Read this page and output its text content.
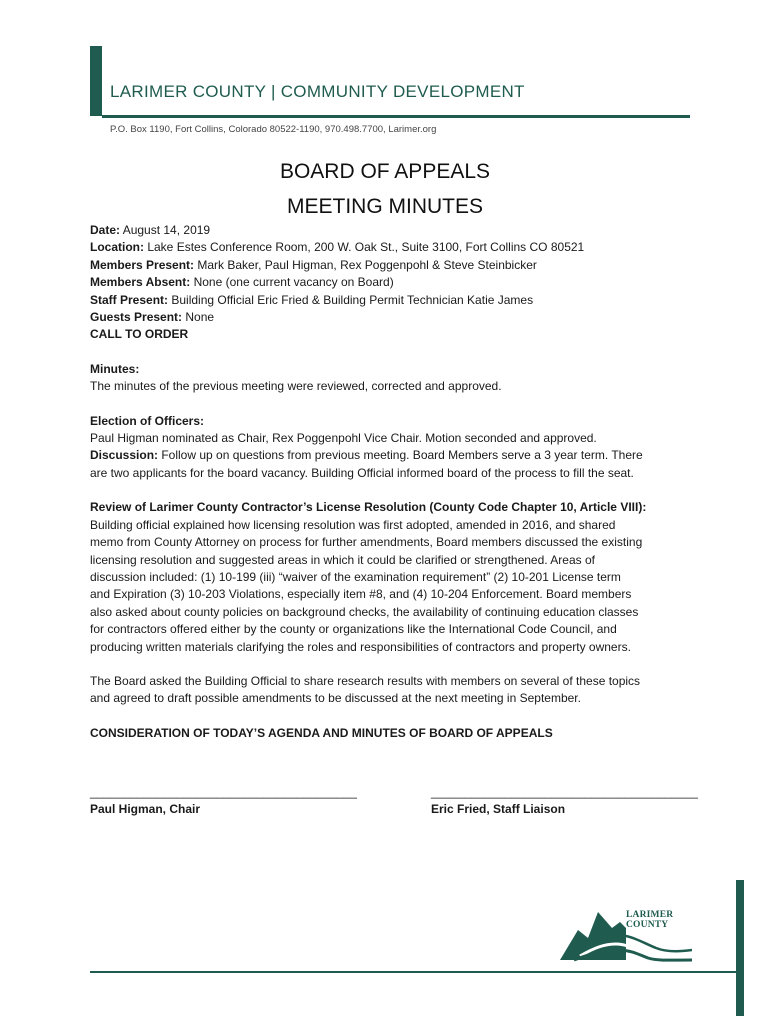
LARIMER COUNTY | COMMUNITY DEVELOPMENT
P.O. Box 1190, Fort Collins, Colorado 80522-1190, 970.498.7700, Larimer.org
BOARD OF APPEALS
MEETING MINUTES
Date: August 14, 2019
Location: Lake Estes Conference Room, 200 W. Oak St., Suite 3100, Fort Collins CO 80521
Members Present: Mark Baker, Paul Higman, Rex Poggenpohl & Steve Steinbicker
Members Absent: None (one current vacancy on Board)
Staff Present: Building Official Eric Fried & Building Permit Technician Katie James
Guests Present: None
CALL TO ORDER
Minutes:
The minutes of the previous meeting were reviewed, corrected and approved.
Election of Officers:
Paul Higman nominated as Chair, Rex Poggenpohl Vice Chair. Motion seconded and approved.
Discussion: Follow up on questions from previous meeting. Board Members serve a 3 year term. There
are two applicants for the board vacancy. Building Official informed board of the process to fill the seat.
Review of Larimer County Contractor’s License Resolution (County Code Chapter 10, Article VIII):
Building official explained how licensing resolution was first adopted, amended in 2016, and shared
memo from County Attorney on process for further amendments, Board members discussed the existing
licensing resolution and suggested areas in which it could be clarified or strengthened. Areas of
discussion included: (1) 10-199 (iii) “waiver of the examination requirement” (2) 10-201 License term
and Expiration (3) 10-203 Violations, especially item #8, and (4) 10-204 Enforcement. Board members
also asked about county policies on background checks, the availability of continuing education classes
for contractors offered either by the county or organizations like the International Code Council, and
producing written materials clarifying the roles and responsibilities of contractors and property owners.
The Board asked the Building Official to share research results with members on several of these topics
and agreed to draft possible amendments to be discussed at the next meeting in September.
CONSIDERATION OF TODAY’S AGENDA AND MINUTES OF BOARD OF APPEALS
________________________________________
Paul Higman, Chair
________________________________________
Eric Fried, Staff Liaison
LARIMER
COUNTY
